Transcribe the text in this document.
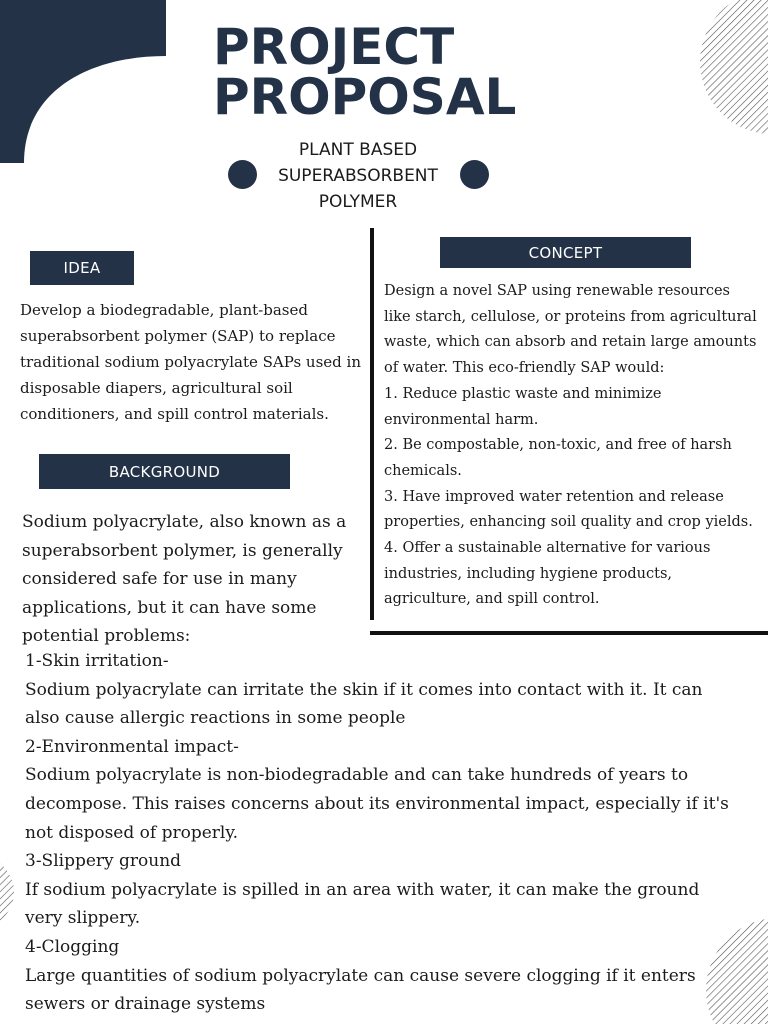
PROJECT PROPOSAL
PLANT BASED SUPERABSORBENT POLYMER
IDEA

Develop a biodegradable, plant-based superabsorbent polymer (SAP) to replace traditional sodium polyacrylate SAPs used in disposable diapers, agricultural soil conditioners, and spill control materials.

CONCEPT
Design a novel SAP using renewable resources
like starch, cellulose, or proteins from agricultural
waste, which can absorb and retain large amounts
of water. This eco-friendly SAP would:
1. Reduce plastic waste and minimize
environmental harm.
2. Be compostable, non-toxic, and free of harsh
chemicals.
3. Have improved water retention and release
properties, enhancing soil quality and crop yields.
4. Offer a sustainable alternative for various
industries, including hygiene products,
agriculture, and spill control.
BACKGROUND

Sodium polyacrylate, also known as a superabsorbent polymer, is generally considered safe for use in many applications, but it can have some potential problems:

1-Skin irritation-
Sodium polyacrylate can irritate the skin if it comes into contact with it. It can
also cause allergic reactions in some people
2-Environmental impact-
Sodium polyacrylate is non-biodegradable and can take hundreds of years to
decompose. This raises concerns about its environmental impact, especially if it's
not disposed of properly.
3-Slippery ground
If sodium polyacrylate is spilled in an area with water, it can make the ground
very slippery.
4-Clogging
Large quantities of sodium polyacrylate can cause severe clogging if it enters
sewers or drainage systems
